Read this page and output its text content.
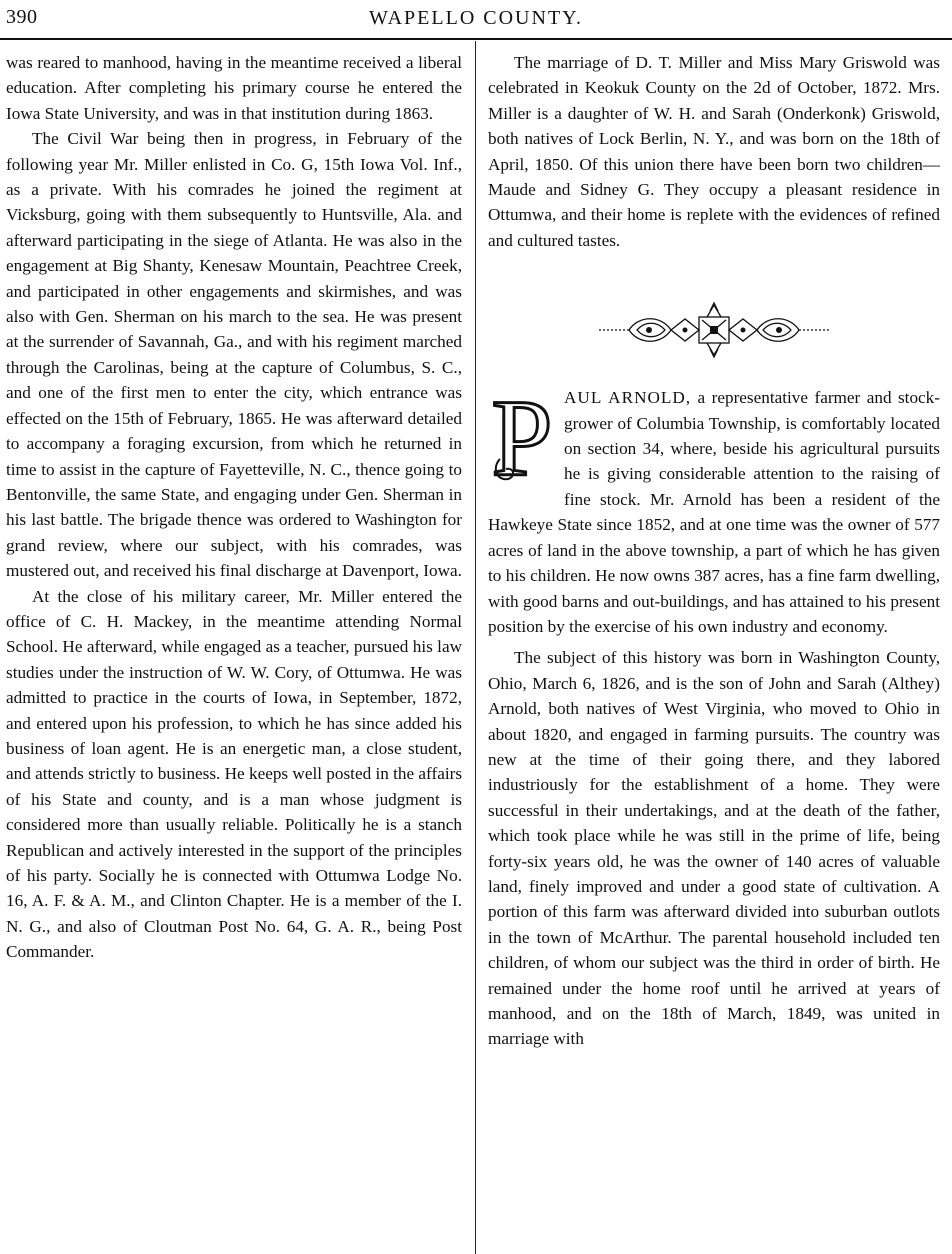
390	WAPELLO COUNTY.

was reared to manhood, having in the meantime received a liberal education. After completing his primary course he entered the Iowa State University, and was in that institution during 1863.

The Civil War being then in progress, in February of the following year Mr. Miller enlisted in Co. G, 15th Iowa Vol. Inf., as a private. With his comrades he joined the regiment at Vicksburg, going with them subsequently to Huntsville, Ala. and afterward participating in the siege of Atlanta. He was also in the engagement at Big Shanty, Kenesaw Mountain, Peachtree Creek, and participated in other engagements and skirmishes, and was also with Gen. Sherman on his march to the sea. He was present at the surrender of Savannah, Ga., and with his regiment marched through the Carolinas, being at the capture of Columbus, S. C., and one of the first men to enter the city, which entrance was effected on the 15th of February, 1865. He was afterward detailed to accompany a foraging excursion, from which he returned in time to assist in the capture of Fayetteville, N. C., thence going to Bentonville, the same State, and engaging under Gen. Sherman in his last battle. The brigade thence was ordered to Washington for grand review, where our subject, with his comrades, was mustered out, and received his final discharge at Davenport, Iowa.

At the close of his military career, Mr. Miller entered the office of C. H. Mackey, in the meantime attending Normal School. He afterward, while engaged as a teacher, pursued his law studies under the instruction of W. W. Cory, of Ottumwa. He was admitted to practice in the courts of Iowa, in September, 1872, and entered upon his profession, to which he has since added his business of loan agent. He is an energetic man, a close student, and attends strictly to business. He keeps well posted in the affairs of his State and county, and is a man whose judgment is considered more than usually reliable. Politically he is a stanch Republican and actively interested in the support of the principles of his party. Socially he is connected with Ottumwa Lodge No. 16, A. F. & A. M., and Clinton Chapter. He is a member of the I. N. G., and also of Cloutman Post No. 64, G. A. R., being Post Commander.

The marriage of D. T. Miller and Miss Mary Griswold was celebrated in Keokuk County on the 2d of October, 1872. Mrs. Miller is a daughter of W. H. and Sarah (Onderkonk) Griswold, both natives of Lock Berlin, N. Y., and was born on the 18th of April, 1850. Of this union there have been born two children—Maude and Sidney G. They occupy a pleasant residence in Ottumwa, and their home is replete with the evidences of refined and cultured tastes.

P AUL ARNOLD, a representative farmer and stock-grower of Columbia Township, is comfortably located on section 34, where, beside his agricultural pursuits he is giving considerable attention to the raising of fine stock. Mr. Arnold has been a resident of the Hawkeye State since 1852, and at one time was the owner of 577 acres of land in the above township, a part of which he has given to his children. He now owns 387 acres, has a fine farm dwelling, with good barns and out-buildings, and has attained to his present position by the exercise of his own industry and economy.

The subject of this history was born in Washington County, Ohio, March 6, 1826, and is the son of John and Sarah (Althey) Arnold, both natives of West Virginia, who moved to Ohio in about 1820, and engaged in farming pursuits. The country was new at the time of their going there, and they labored industriously for the establishment of a home. They were successful in their undertakings, and at the death of the father, which took place while he was still in the prime of life, being forty-six years old, he was the owner of 140 acres of valuable land, finely improved and under a good state of cultivation. A portion of this farm was afterward divided into suburban outlots in the town of McArthur. The parental household included ten children, of whom our subject was the third in order of birth. He remained under the home roof until he arrived at years of manhood, and on the 18th of March, 1849, was united in marriage with
